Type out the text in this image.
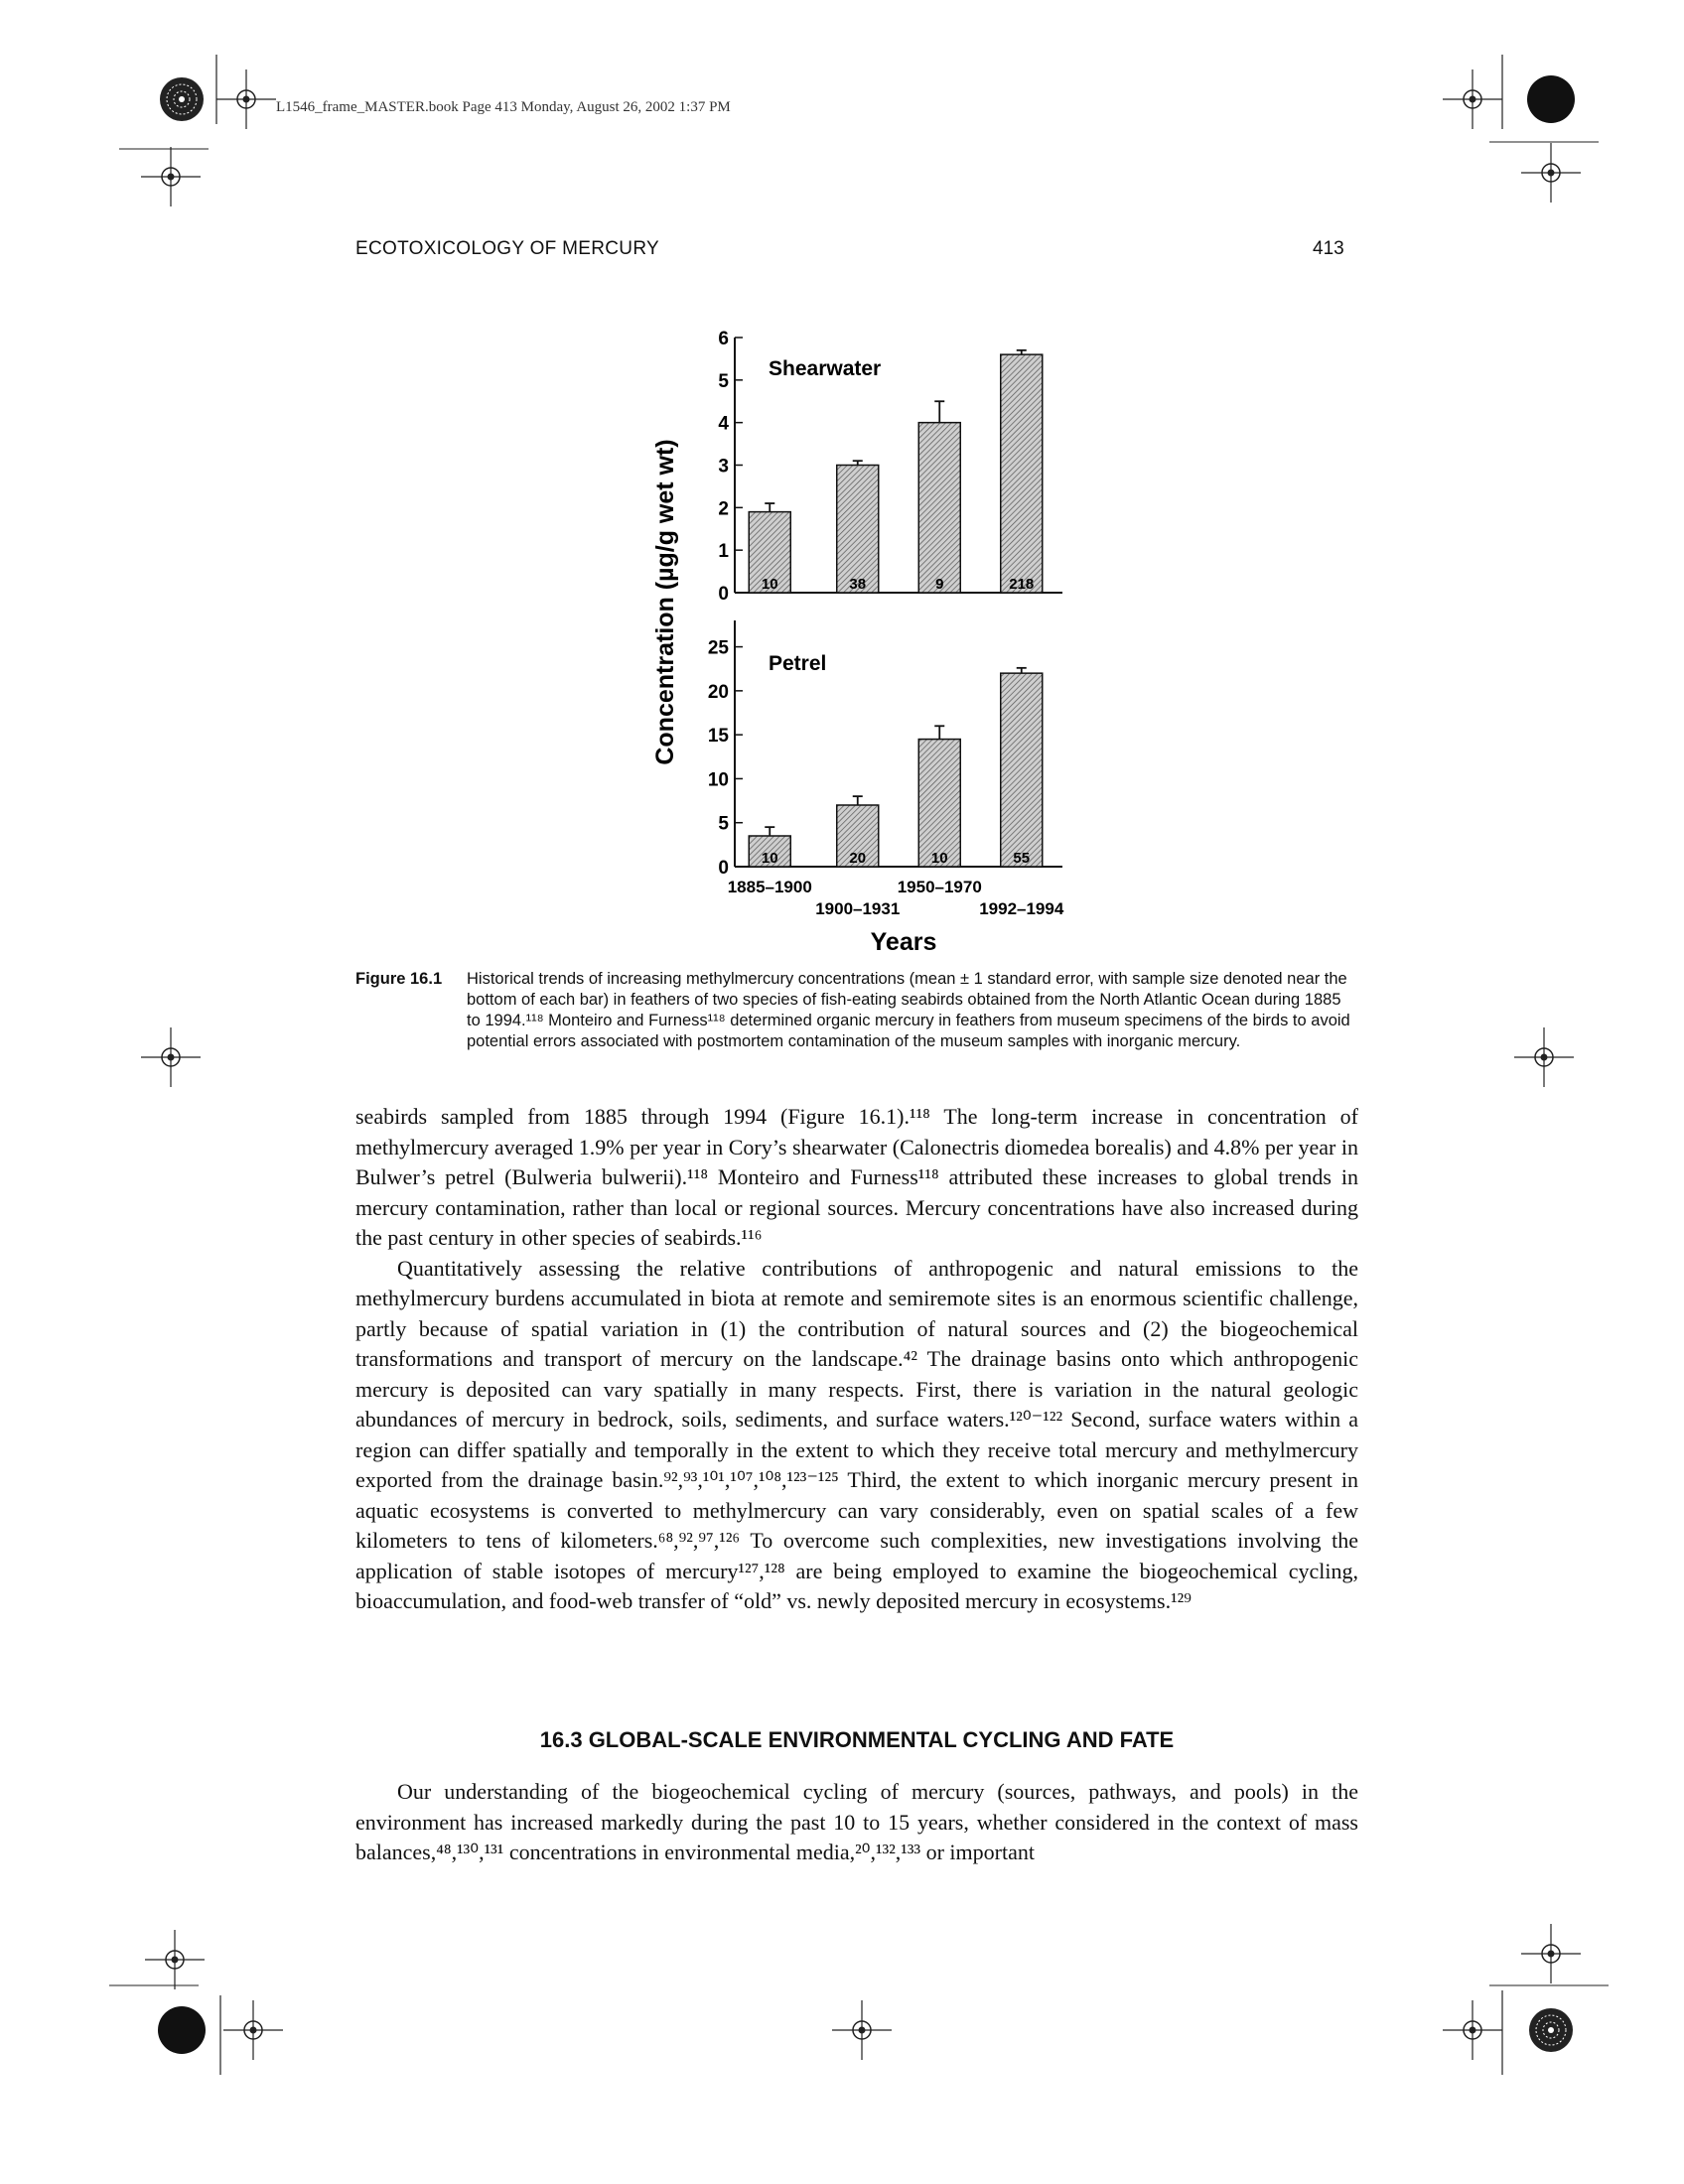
L1546_frame_MASTER.book Page 413 Monday, August 26, 2002 1:37 PM
ECOTOXICOLOGY OF MERCURY	413
0
1
2
3
4
5
6
Shearwater
10	38	9	218
0
5
10
15
20
25
Petrel
10	20	10	55
Concentration (µg/g wet wt)
1885–1900
1900–1931
1950–1970
1992–1994
Years
Figure 16.1 Historical trends of increasing methylmercury concentrations (mean ± 1 standard error, with sample size denoted near the bottom of each bar) in feathers of two species of fish-eating seabirds obtained from the North Atlantic Ocean during 1885 to 1994.¹¹⁸ Monteiro and Furness¹¹⁸ determined organic mercury in feathers from museum specimens of the birds to avoid potential errors associated with postmortem contamination of the museum samples with inorganic mercury.

seabirds sampled from 1885 through 1994 (Figure 16.1).¹¹⁸ The long-term increase in concentration of methylmercury averaged 1.9% per year in Cory’s shearwater (Calonectris diomedea borealis) and 4.8% per year in Bulwer’s petrel (Bulweria bulwerii).¹¹⁸ Monteiro and Furness¹¹⁸ attributed these increases to global trends in mercury contamination, rather than local or regional sources. Mercury concentrations have also increased during the past century in other species of seabirds.¹¹⁶

Quantitatively assessing the relative contributions of anthropogenic and natural emissions to the methylmercury burdens accumulated in biota at remote and semiremote sites is an enormous scientific challenge, partly because of spatial variation in (1) the contribution of natural sources and (2) the biogeochemical transformations and transport of mercury on the landscape.⁴² The drainage basins onto which anthropogenic mercury is deposited can vary spatially in many respects. First, there is variation in the natural geologic abundances of mercury in bedrock, soils, sediments, and surface waters.¹²⁰⁻¹²² Second, surface waters within a region can differ spatially and temporally in the extent to which they receive total mercury and methylmercury exported from the drainage basin.⁹²,⁹³,¹⁰¹,¹⁰⁷,¹⁰⁸,¹²³⁻¹²⁵ Third, the extent to which inorganic mercury present in aquatic ecosystems is converted to methylmercury can vary considerably, even on spatial scales of a few kilometers to tens of kilometers.⁶⁸,⁹²,⁹⁷,¹²⁶ To overcome such complexities, new investigations involving the application of stable isotopes of mercury¹²⁷,¹²⁸ are being employed to examine the biogeochemical cycling, bioaccumulation, and food-web transfer of “old” vs. newly deposited mercury in ecosystems.¹²⁹

16.3 GLOBAL-SCALE ENVIRONMENTAL CYCLING AND FATE

Our understanding of the biogeochemical cycling of mercury (sources, pathways, and pools) in the environment has increased markedly during the past 10 to 15 years, whether considered in the context of mass balances,⁴⁸,¹³⁰,¹³¹ concentrations in environmental media,²⁰,¹³²,¹³³ or important
